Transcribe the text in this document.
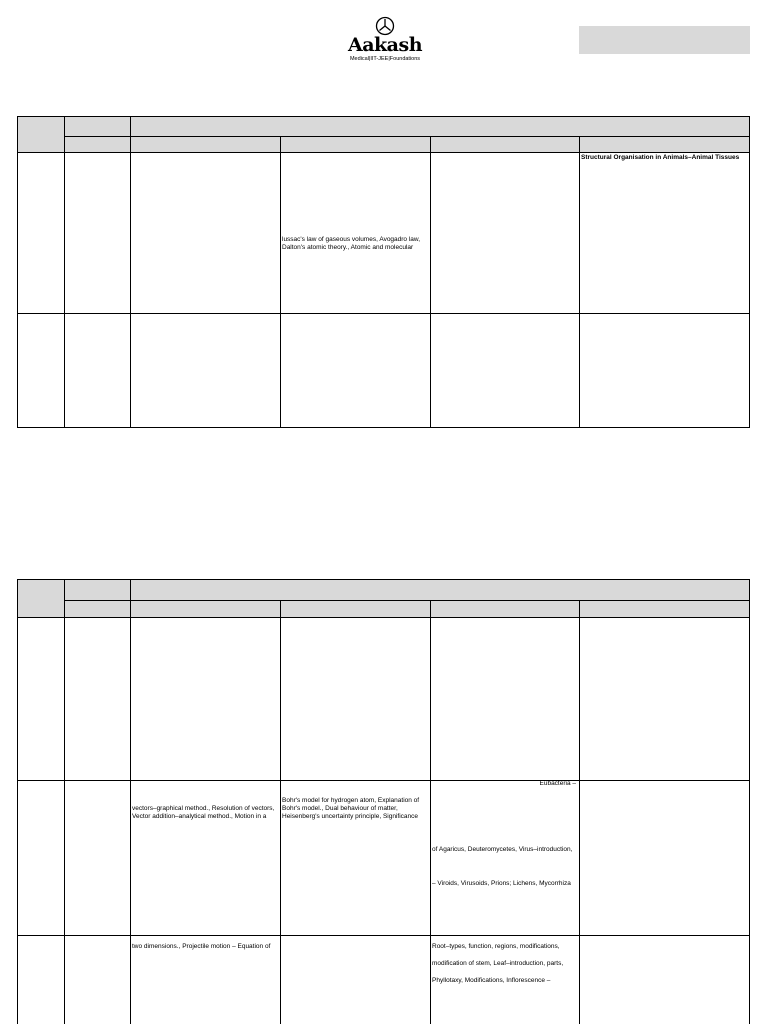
Aakash
Medical|IIT-JEE|Foundations
Structural Organisation in Animals–Animal Tissues
lussac's law of gaseous volumes, Avogadro law,
Dalton's atomic theory., Atomic and molecular
vectors–graphical method., Resolution of vectors,
Vector addition–analytical method., Motion in a
Bohr's model for hydrogen atom, Explanation of
Bohr's model., Dual behaviour of matter,
Heisenberg's uncertainty principle, Significance
Eubacteria –
of Agaricus, Deuteromycetes, Virus–introduction,
– Viroids, Virusoids, Prions; Lichens, Mycorrhiza
two dimensions., Projectile motion – Equation of	Root–types, function, regions, modifications,
modification of stem, Leaf–introduction, parts,
Phyllotaxy, Modifications, Inflorescence –
